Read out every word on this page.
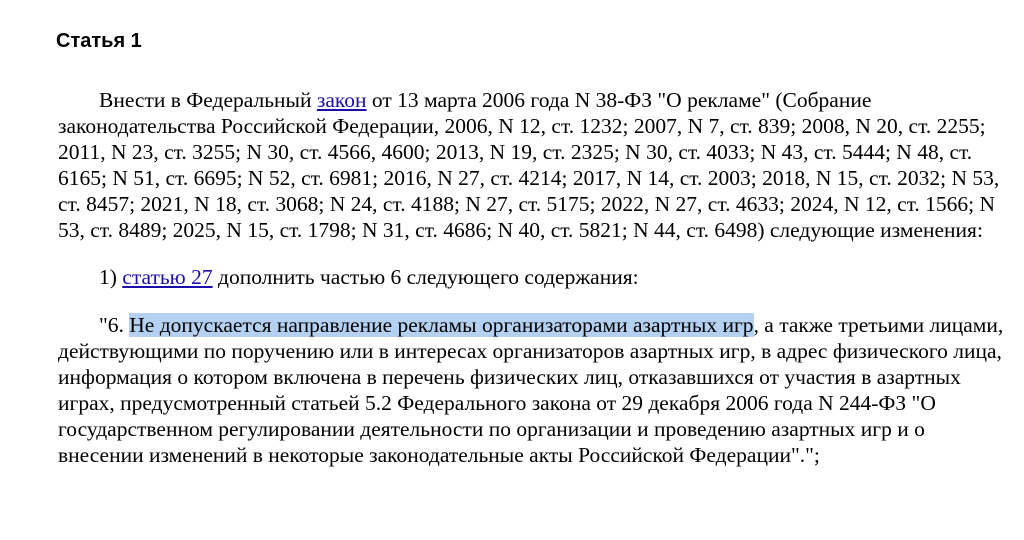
Статья 1

Внести в Федеральный закон от 13 марта 2006 года N 38-ФЗ "О рекламе" (Собрание законодательства Российской Федерации, 2006, N 12, ст. 1232; 2007, N 7, ст. 839; 2008, N 20, ст. 2255; 2011, N 23, ст. 3255; N 30, ст. 4566, 4600; 2013, N 19, ст. 2325; N 30, ст. 4033; N 43, ст. 5444; N 48, ст. 6165; N 51, ст. 6695; N 52, ст. 6981; 2016, N 27, ст. 4214; 2017, N 14, ст. 2003; 2018, N 15, ст. 2032; N 53, ст. 8457; 2021, N 18, ст. 3068; N 24, ст. 4188; N 27, ст. 5175; 2022, N 27, ст. 4633; 2024, N 12, ст. 1566; N 53, ст. 8489; 2025, N 15, ст. 1798; N 31, ст. 4686; N 40, ст. 5821; N 44, ст. 6498) следующие изменения:

1) статью 27 дополнить частью 6 следующего содержания:

"6. Не допускается направление рекламы организаторами азартных игр, а также третьими лицами, действующими по поручению или в интересах организаторов азартных игр, в адрес физического лица, информация о котором включена в перечень физических лиц, отказавшихся от участия в азартных играх, предусмотренный статьей 5.2 Федерального закона от 29 декабря 2006 года N 244-ФЗ "О государственном регулировании деятельности по организации и проведению азартных игр и о внесении изменений в некоторые законодательные акты Российской Федерации".";
